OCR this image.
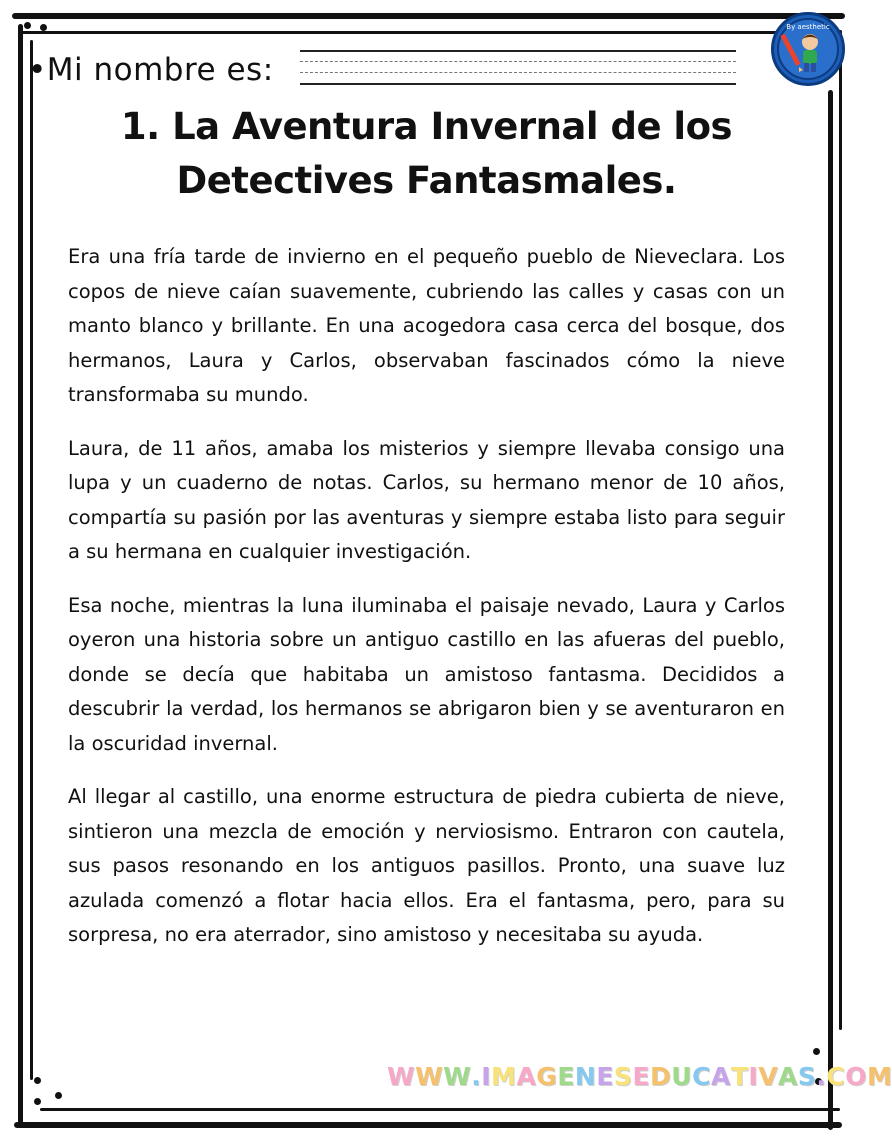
•Mi nombre es:
By aesthetic
1. La Aventura Invernal de los
Detectives Fantasmales.

Era una fría tarde de invierno en el pequeño pueblo de Nieveclara. Los copos de nieve caían suavemente, cubriendo las calles y casas con un manto blanco y brillante. En una acogedora casa cerca del bosque, dos hermanos, Laura y Carlos, observaban fascinados cómo la nieve transformaba su mundo.

Laura, de 11 años, amaba los misterios y siempre llevaba consigo una lupa y un cuaderno de notas. Carlos, su hermano menor de 10 años, compartía su pasión por las aventuras y siempre estaba listo para seguir a su hermana en cualquier investigación.

Esa noche, mientras la luna iluminaba el paisaje nevado, Laura y Carlos oyeron una historia sobre un antiguo castillo en las afueras del pueblo, donde se decía que habitaba un amistoso fantasma. Decididos a descubrir la verdad, los hermanos se abrigaron bien y se aventuraron en la oscuridad invernal.

Al llegar al castillo, una enorme estructura de piedra cubierta de nieve, sintieron una mezcla de emoción y nerviosismo. Entraron con cautela, sus pasos resonando en los antiguos pasillos. Pronto, una suave luz azulada comenzó a flotar hacia ellos. Era el fantasma, pero, para su sorpresa, no era aterrador, sino amistoso y necesitaba su ayuda.

WWW.IMAGENESEDUCATIVAS.COM
